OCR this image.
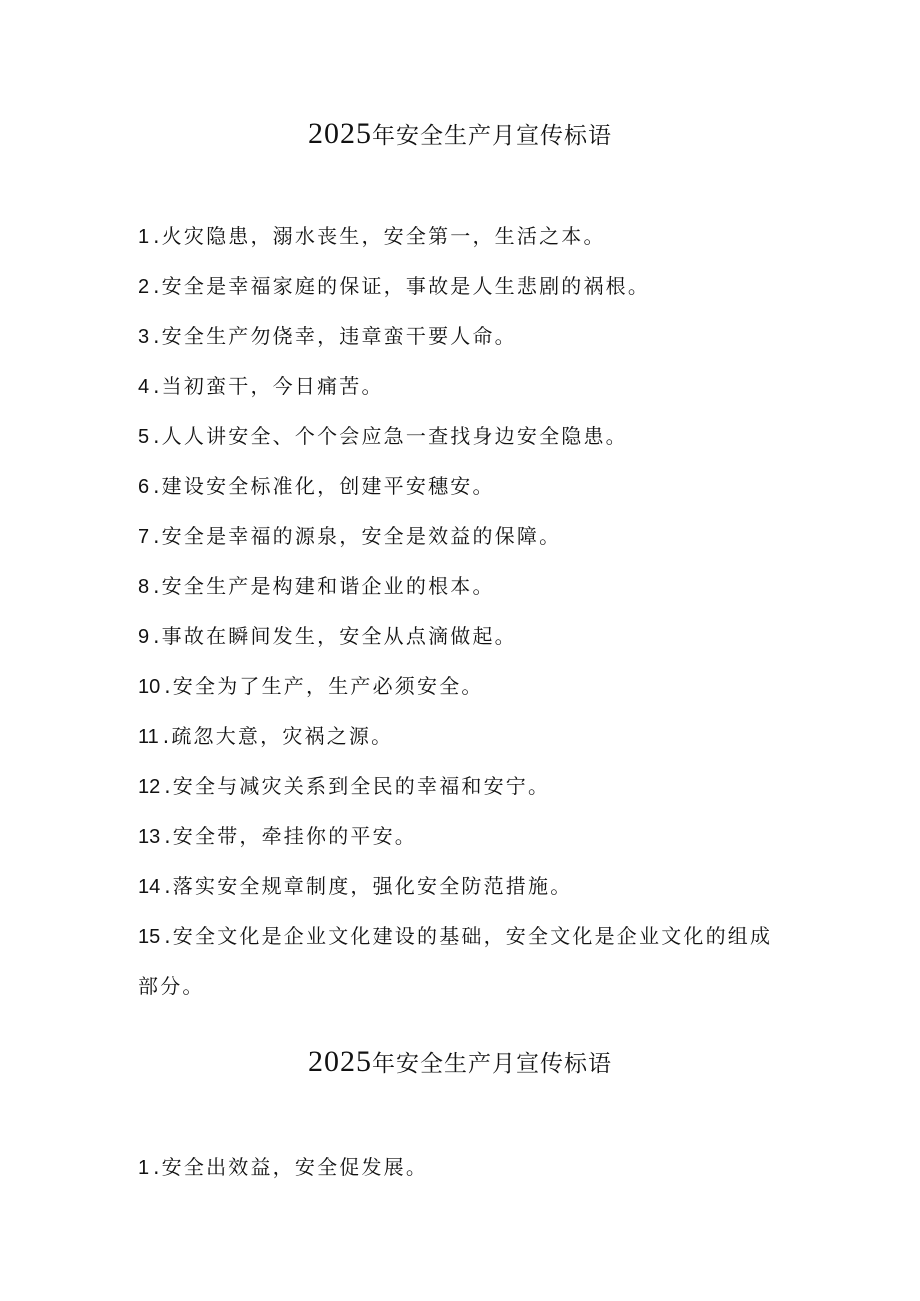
2025年安全生产月宣传标语
1 .火灾隐患，溺水丧生，安全第一，生活之本。
2 .安全是幸福家庭的保证，事故是人生悲剧的祸根。
3 .安全生产勿侥幸，违章蛮干要人命。
4 .当初蛮干，今日痛苦。
5 .人人讲安全、个个会应急一查找身边安全隐患。
6 .建设安全标准化，创建平安穗安。
7 .安全是幸福的源泉，安全是效益的保障。
8 .安全生产是构建和谐企业的根本。
9 .事故在瞬间发生，安全从点滴做起。
10 .安全为了生产，生产必须安全。
11 .疏忽大意，灾祸之源。
12 .安全与减灾关系到全民的幸福和安宁。
13 .安全带，牵挂你的平安。
14 .落实安全规章制度，强化安全防范措施。
15 .安全文化是企业文化建设的基础，安全文化是企业文化的组成部分。
2025年安全生产月宣传标语
1 .安全出效益，安全促发展。
